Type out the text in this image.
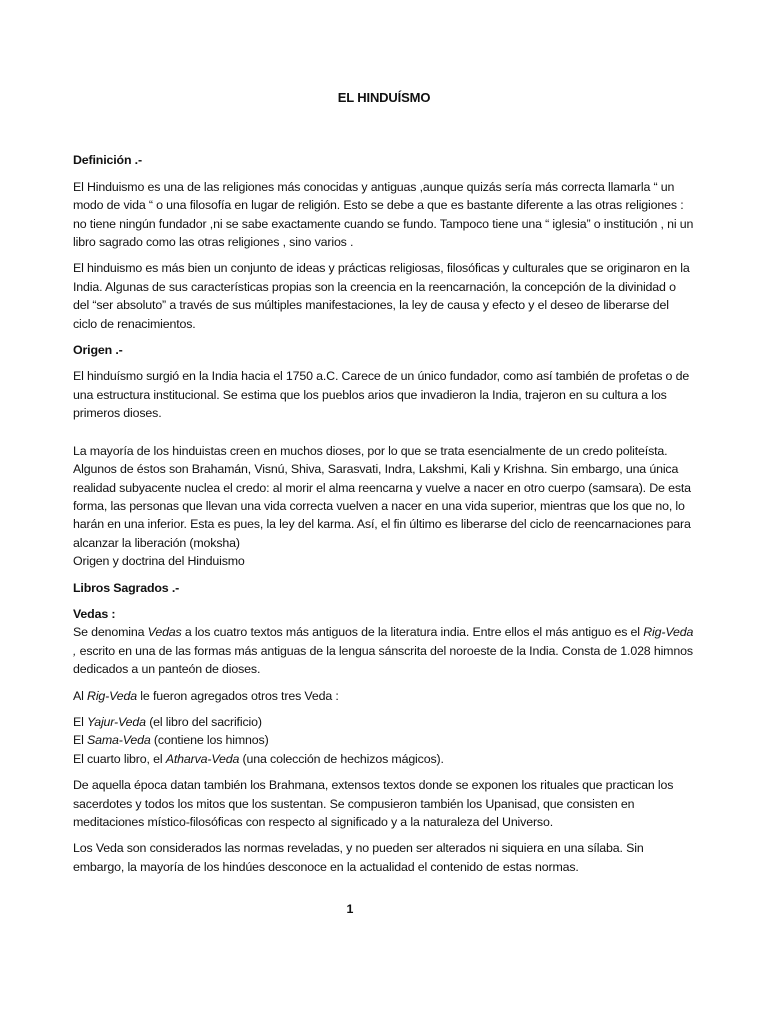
EL HINDUÍSMO
Definición .-

El Hinduismo es una de las religiones más conocidas y antiguas ,aunque quizás sería más correcta llamarla “ un modo de vida “ o una filosofía en lugar de religión. Esto se debe a que es bastante diferente a las otras religiones : no tiene ningún fundador ,ni se sabe exactamente cuando se fundo. Tampoco tiene una “ iglesia” o institución , ni un libro sagrado como las otras religiones , sino varios .

El hinduismo es más bien un conjunto de ideas y prácticas religiosas, filosóficas y culturales que se originaron en la India. Algunas de sus características propias son la creencia en la reencarnación, la concepción de la divinidad o del “ser absoluto” a través de sus múltiples manifestaciones, la ley de causa y efecto y el deseo de liberarse del ciclo de renacimientos.

Origen .-

El hinduísmo surgió en la India hacia el 1750 a.C. Carece de un único fundador, como así también de profetas o de una estructura institucional. Se estima que los pueblos arios que invadieron la India, trajeron en su cultura a los primeros dioses.

La mayoría de los hinduistas creen en muchos dioses, por lo que se trata esencialmente de un credo politeísta. Algunos de éstos son Brahamán, Visnú, Shiva, Sarasvati, Indra, Lakshmi, Kali y Krishna. Sin embargo, una única realidad subyacente nuclea el credo: al morir el alma reencarna y vuelve a nacer en otro cuerpo (samsara). De esta forma, las personas que llevan una vida correcta vuelven a nacer en una vida superior, mientras que los que no, lo harán en una inferior. Esta es pues, la ley del karma. Así, el fin último es liberarse del ciclo de reencarnaciones para alcanzar la liberación (moksha)
Origen y doctrina del Hinduismo
Libros Sagrados .-
Vedas :
Se denomina Vedas a los cuatro textos más antiguos de la literatura india. Entre ellos el más antiguo es el Rig-Veda , escrito en una de las formas más antiguas de la lengua sánscrita del noroeste de la India. Consta de 1.028 himnos dedicados a un panteón de dioses.

Al Rig-Veda le fueron agregados otros tres Veda :

El Yajur-Veda (el libro del sacrificio)
El Sama-Veda (contiene los himnos)
El cuarto libro, el Atharva-Veda (una colección de hechizos mágicos).

De aquella época datan también los Brahmana, extensos textos donde se exponen los rituales que practican los sacerdotes y todos los mitos que los sustentan. Se compusieron también los Upanisad, que consisten en meditaciones místico-filosóficas con respecto al significado y a la naturaleza del Universo.

Los Veda son considerados las normas reveladas, y no pueden ser alterados ni siquiera en una sílaba. Sin embargo, la mayoría de los hindúes desconoce en la actualidad el contenido de estas normas.

1
